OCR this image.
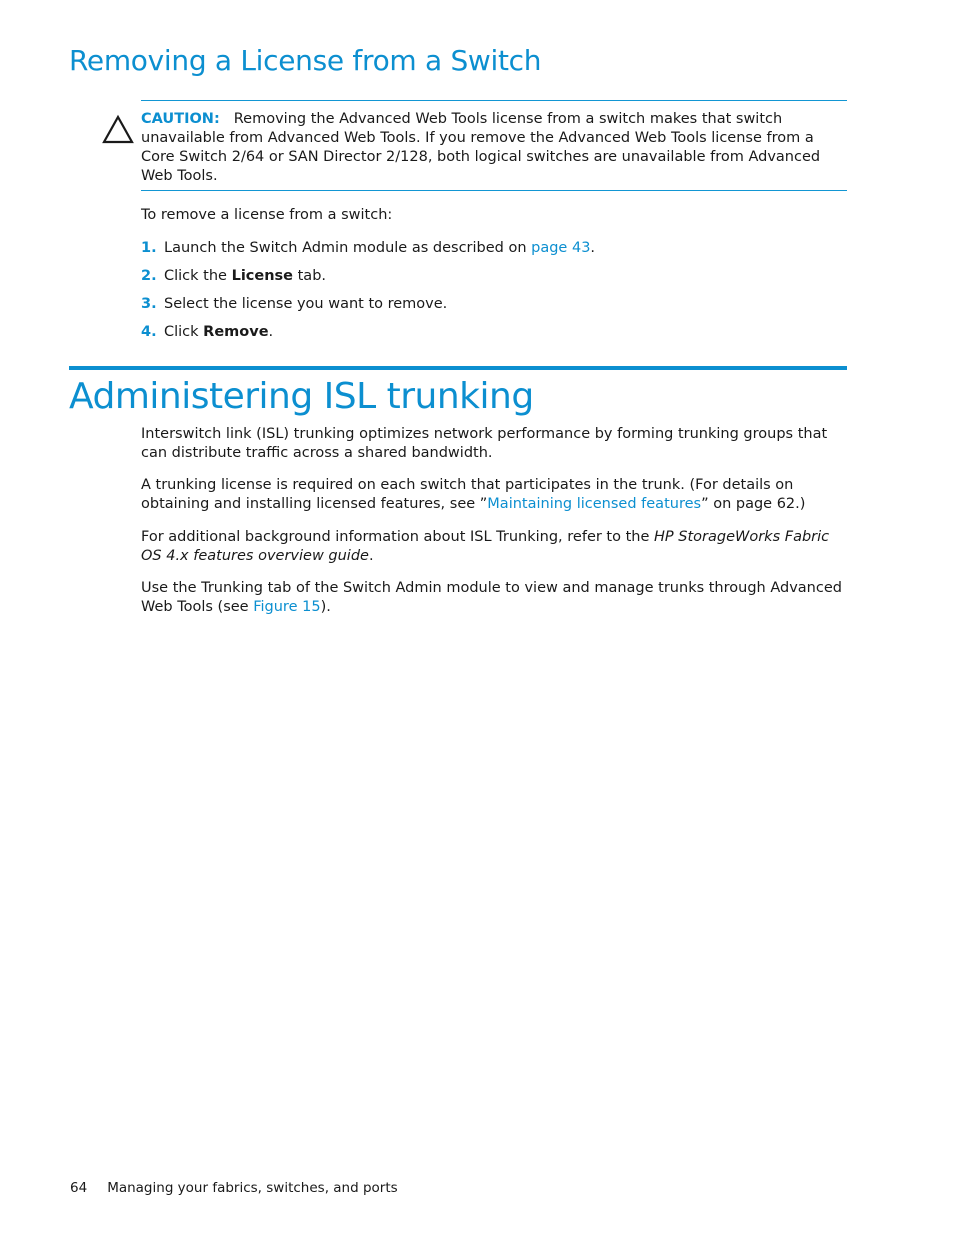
Removing a License from a Switch
CAUTION: Removing the Advanced Web Tools license from a switch makes that switch unavailable from Advanced Web Tools. If you remove the Advanced Web Tools license from a Core Switch 2/64 or SAN Director 2/128, both logical switches are unavailable from Advanced Web Tools.
To remove a license from a switch:
1. Launch the Switch Admin module as described on page 43.
2. Click the License tab.
3. Select the license you want to remove.
4. Click Remove.
Administering ISL trunking
Interswitch link (ISL) trunking optimizes network performance by forming trunking groups that can distribute traffic across a shared bandwidth.
A trunking license is required on each switch that participates in the trunk. (For details on obtaining and installing licensed features, see ”Maintaining licensed features” on page 62.)
For additional background information about ISL Trunking, refer to the HP StorageWorks Fabric OS 4.x features overview guide.
Use the Trunking tab of the Switch Admin module to view and manage trunks through Advanced Web Tools (see Figure 15).
64 Managing your fabrics, switches, and ports
